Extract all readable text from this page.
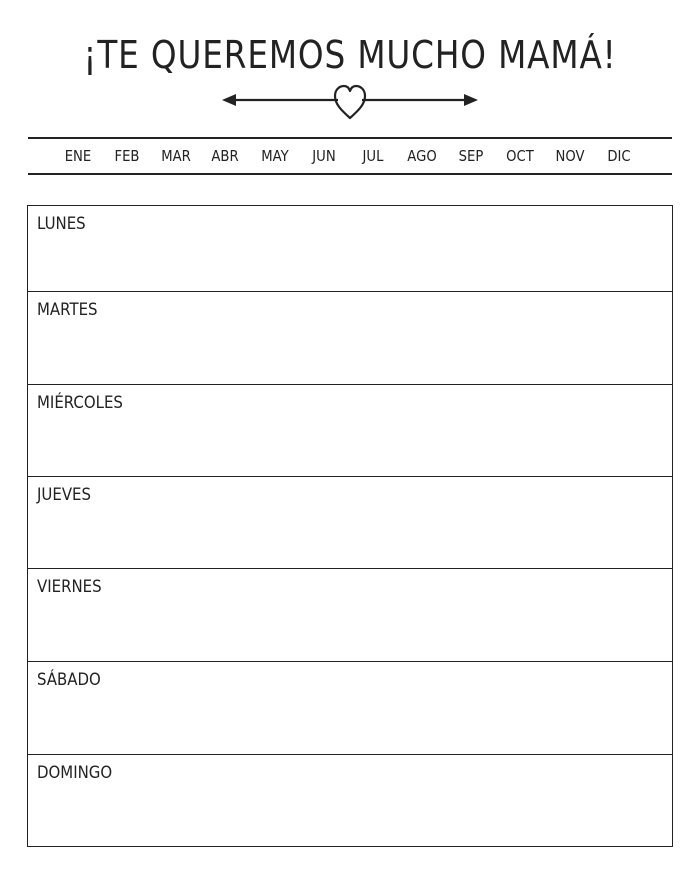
¡TE QUEREMOS MUCHO MAMÁ!
ENE	FEB	MAR	ABR	MAY	JUN	JUL	AGO	SEP	OCT	NOV	DIC
LUNES
MARTES
MIÉRCOLES
JUEVES
VIERNES
SÁBADO
DOMINGO
